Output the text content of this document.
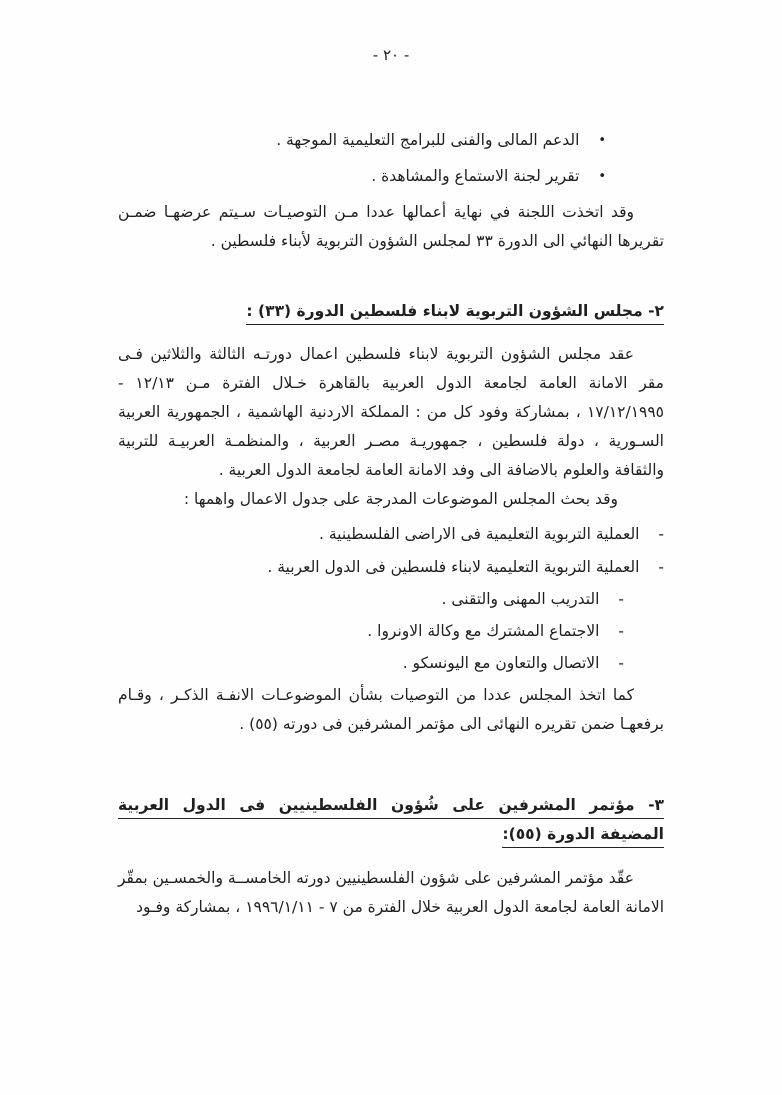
- ٢٠ -
• الدعم المالى والفنى للبرامج التعليمية الموجهة .
• تقرير لجنة الاستماع والمشاهدة .

وقد اتخذت اللجنة في نهاية أعمالها عددا مـن التوصيـات سـيتم عرضهـا ضمـن تقريرها النهائي الى الدورة ٣٣ لمجلس الشؤون التربوية لأبناء فلسطين .

٢- مجلس الشؤون التربوية لابناء فلسطين الدورة (٣٣) :

عقد مجلس الشؤون التربوية لابناء فلسطين اعمال دورتـه الثالثة والثلاثين فـى مقر الامانة العامة لجامعة الدول العربية بالقاهرة خـلال الفترة مـن ١٢/١٣ - ١٧/١٢/١٩٩٥ ، بمشاركة وفود كل من : المملكة الاردنية الهاشمية ، الجمهورية العربية السـورية ، دولة فلسطين ، جمهوريـة مصـر العربية ، والمنظمـة العربيـة للتربية والثقافة والعلوم بالاضافة الى وفد الامانة العامة لجامعة الدول العربية .

وقد بحث المجلس الموضوعات المدرجة على جدول الاعمال واهمها :

- العملية التربوية التعليمية فى الاراضى الفلسطينية .
- العملية التربوية التعليمية لابناء فلسطين فى الدول العربية .
- التدريب المهنى والتقنى .
- الاجتماع المشترك مع وكالة الاونروا .
- الاتصال والتعاون مع اليونسكو .

كما اتخذ المجلس عددا من التوصيات بشأن الموضوعـات الانفـة الذكـر ، وقـام برفعهـا ضمن تقريره النهائى الى مؤتمر المشرفين فى دورته (٥٥) .

٣- مؤتمر المشرفين على شُؤون الفلسطينيين فى الدول العربية المضيفة الدورة (٥٥):

عقّد مؤتمر المشرفين على شؤون الفلسطينيين دورته الخامســة والخمسـين بمقّر الامانة العامة لجامعة الدول العربية خلال الفترة من ٧ - ١٩٩٦/١/١١ ، بمشاركة وفـود
